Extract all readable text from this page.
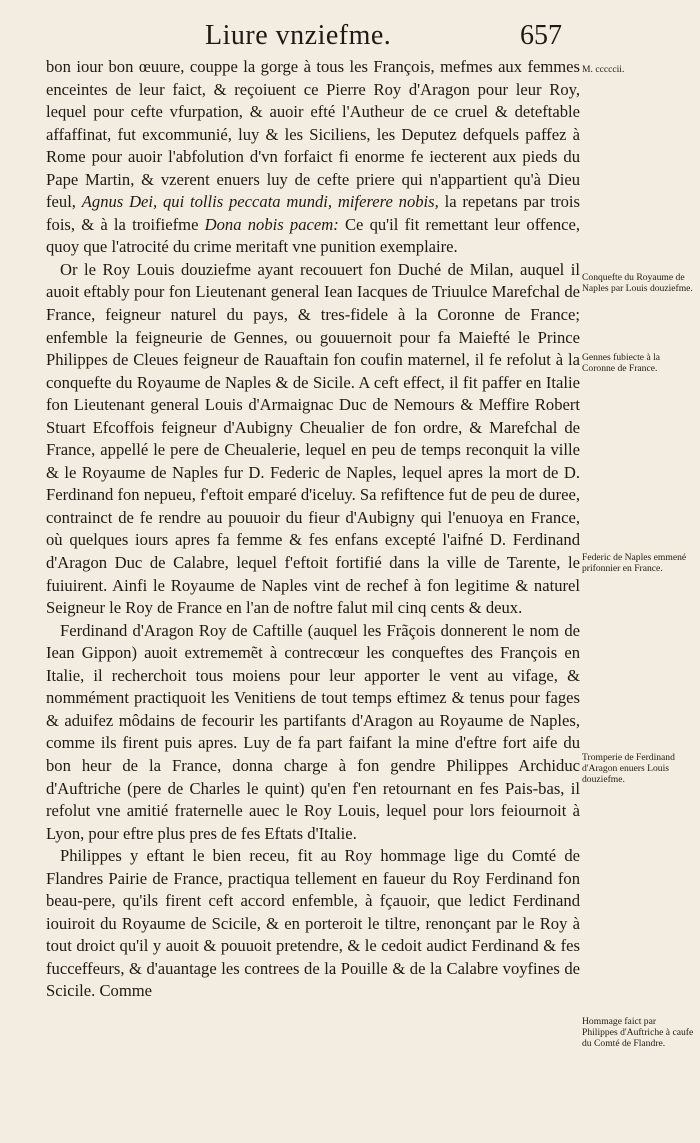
Liure vnziefme.	657
M. cccccii.

bon iour bon œuure, couppe la gorge à tous les François, mefmes aux femmes enceintes de leur faict, & reçoiuent ce Pierre Roy d'Aragon pour leur Roy, lequel pour cefte vfurpation, & auoir efté l'Autheur de ce cruel & deteftable affaffinat, fut excommunié, luy & les Siciliens, les Deputez defquels paffez à Rome pour auoir l'abfolution d'vn forfaict fi enorme fe iecterent aux pieds du Pape Martin, & vzerent enuers luy de cefte priere qui n'appartient qu'à Dieu feul, Agnus Dei, qui tollis peccata mundi, miferere nobis, la repetans par trois fois, & à la troifiefme Dona nobis pacem: Ce qu'il fit remettant leur offence, quoy que l'atrocité du crime meritaft vne punition exemplaire.

Or le Roy Louis douziefme ayant recouuert fon Duché de Milan, auquel il auoit eftably pour fon Lieutenant general Iean Iacques de Triuulce Marefchal de France, feigneur naturel du pays, & tres-fidele à la Coronne de France; enfemble la feigneurie de Gennes, ou gouuernoit pour fa Maiefté le Prince Philippes de Cleues feigneur de Rauaftain fon coufin maternel, il fe refolut à la conquefte du Royaume de Naples & de Sicile. A ceft effect, il fit paffer en Italie fon Lieutenant general Louis d'Armaignac Duc de Nemours & Meffire Robert Stuart Efcoffois feigneur d'Aubigny Cheualier de fon ordre, & Marefchal de France, appellé le pere de Cheualerie, lequel en peu de temps reconquit la ville & le Royaume de Naples fur D. Federic de Naples, lequel apres la mort de D. Ferdinand fon nepueu, f'eftoit emparé d'iceluy. Sa refiftence fut de peu de duree, contrainct de fe rendre au pouuoir du fieur d'Aubigny qui l'enuoya en France, où quelques iours apres fa femme & fes enfans excepté l'aifné D. Ferdinand d'Aragon Duc de Calabre, lequel f'eftoit fortifié dans la ville de Tarente, le fuiuirent. Ainfi le Royaume de Naples vint de rechef à fon legitime & naturel Seigneur le Roy de France en l'an de noftre falut mil cinq cents & deux.

Ferdinand d'Aragon Roy de Caftille (auquel les Frãçois donnerent le nom de Iean Gippon) auoit extrememẽt à contrecœur les conqueftes des François en Italie, il recherchoit tous moiens pour leur apporter le vent au vifage, & nommément practiquoit les Venitiens de tout temps eftimez & tenus pour fages & aduifez môdains de fecourir les partifants d'Aragon au Royaume de Naples, comme ils firent puis apres. Luy de fa part faifant la mine d'eftre fort aife du bon heur de la France, donna charge à fon gendre Philippes Archiduc d'Auftriche (pere de Charles le quint) qu'en f'en retournant en fes Pais-bas, il refolut vne amitié fraternelle auec le Roy Louis, lequel pour lors feiournoit à Lyon, pour eftre plus pres de fes Eftats d'Italie.

Philippes y eftant le bien receu, fit au Roy hommage lige du Comté de Flandres Pairie de France, practiqua tellement en faueur du Roy Ferdinand fon beau-pere, qu'ils firent ceft accord enfemble, à fçauoir, que ledict Ferdinand iouiroit du Royaume de Scicile, & en porteroit le tiltre, renonçant par le Roy à tout droict qu'il y auoit & pouuoit pretendre, & le cedoit audict Ferdinand & fes fucceffeurs, & d'auantage les contrees de la Pouille & de la Calabre voyfines de Scicile. Comme

Conquefte du Royaume de Naples par Louis douziefme.
Gennes fubiecte à la Coronne de France.
Federic de Naples emmené prifonnier en France.
Tromperie de Ferdinand d'Aragon enuers Louis douziefme.
Hommage faict par Philippes d'Auftriche à caufe du Comté de Flandre.
